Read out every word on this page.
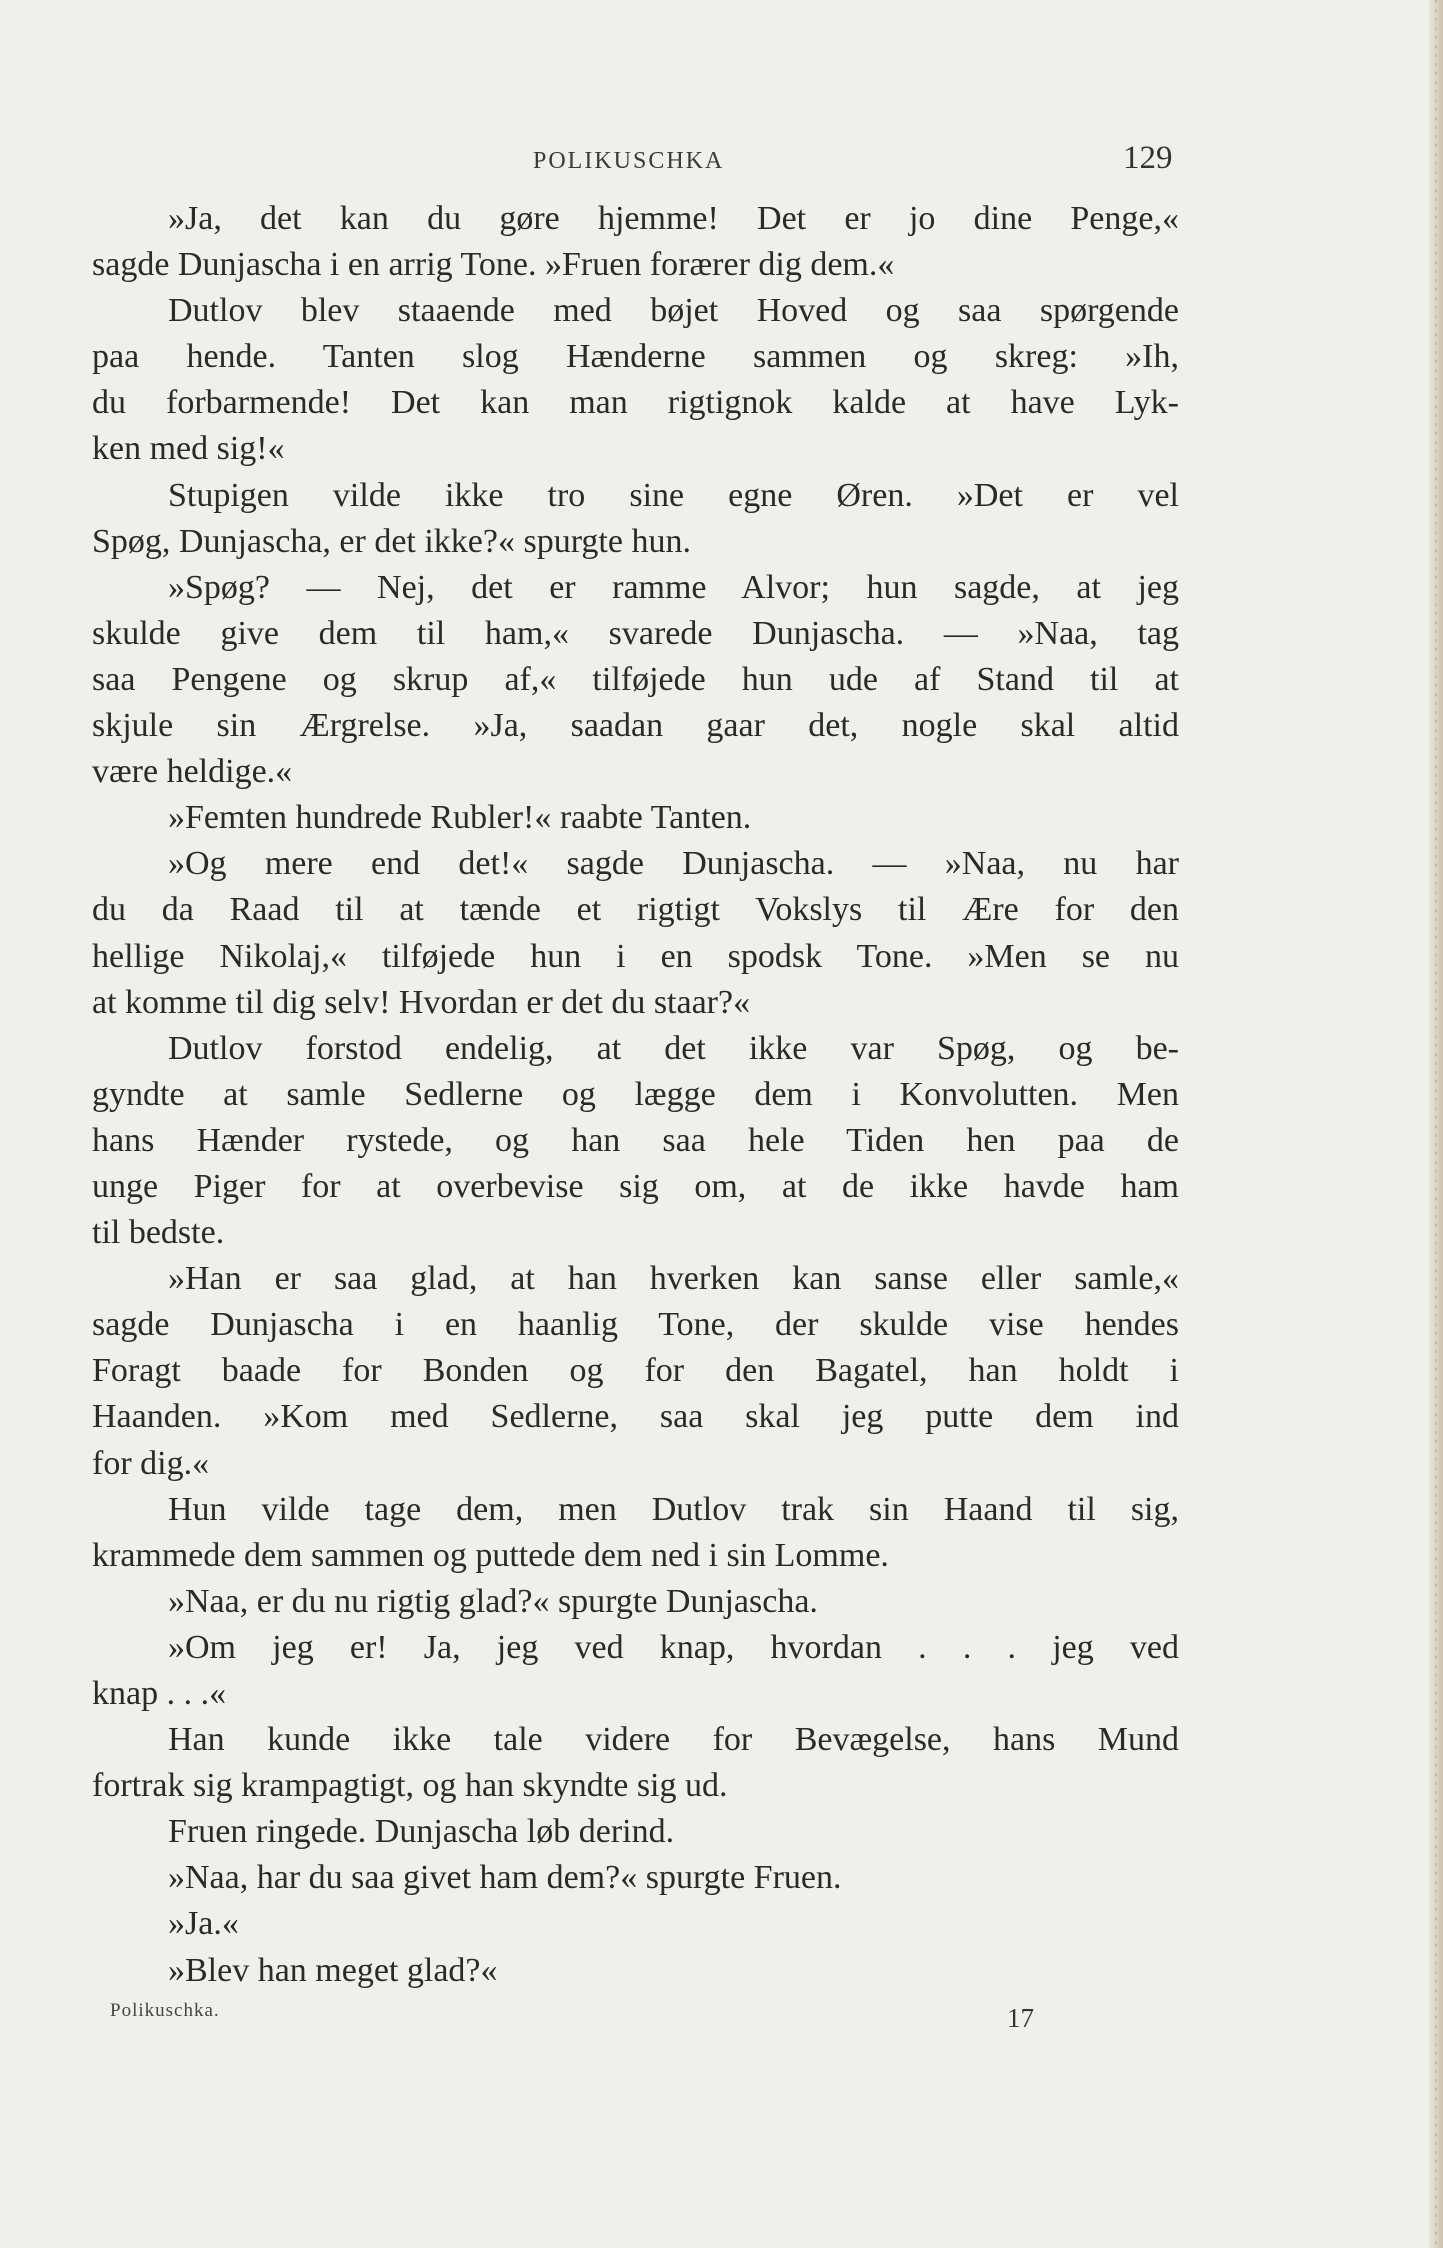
POLIKUSCHKA	129
»Ja, det kan du gøre hjemme! Det er jo dine Penge,«
sagde Dunjascha i en arrig Tone. »Fruen forærer dig dem.«
Dutlov blev staaende med bøjet Hoved og saa spørgende
paa hende. Tanten slog Hænderne sammen og skreg: »Ih,
du forbarmende! Det kan man rigtignok kalde at have Lyk-
ken med sig!«
Stupigen vilde ikke tro sine egne Øren. »Det er vel
Spøg, Dunjascha, er det ikke?« spurgte hun.
»Spøg? — Nej, det er ramme Alvor; hun sagde, at jeg
skulde give dem til ham,« svarede Dunjascha. — »Naa, tag
saa Pengene og skrup af,« tilføjede hun ude af Stand til at
skjule sin Ærgrelse. »Ja, saadan gaar det, nogle skal altid
være heldige.«
»Femten hundrede Rubler!« raabte Tanten.
»Og mere end det!« sagde Dunjascha. — »Naa, nu har
du da Raad til at tænde et rigtigt Vokslys til Ære for den
hellige Nikolaj,« tilføjede hun i en spodsk Tone. »Men se nu
at komme til dig selv! Hvordan er det du staar?«
Dutlov forstod endelig, at det ikke var Spøg, og be-
gyndte at samle Sedlerne og lægge dem i Konvolutten. Men
hans Hænder rystede, og han saa hele Tiden hen paa de
unge Piger for at overbevise sig om, at de ikke havde ham
til bedste.
»Han er saa glad, at han hverken kan sanse eller samle,«
sagde Dunjascha i en haanlig Tone, der skulde vise hendes
Foragt baade for Bonden og for den Bagatel, han holdt i
Haanden. »Kom med Sedlerne, saa skal jeg putte dem ind
for dig.«
Hun vilde tage dem, men Dutlov trak sin Haand til sig,
krammede dem sammen og puttede dem ned i sin Lomme.
»Naa, er du nu rigtig glad?« spurgte Dunjascha.
»Om jeg er! Ja, jeg ved knap, hvordan . . . jeg ved
knap . . .«
Han kunde ikke tale videre for Bevægelse, hans Mund
fortrak sig krampagtigt, og han skyndte sig ud.
Fruen ringede. Dunjascha løb derind.
»Naa, har du saa givet ham dem?« spurgte Fruen.
»Ja.«
»Blev han meget glad?«
Polikuschka.	17
